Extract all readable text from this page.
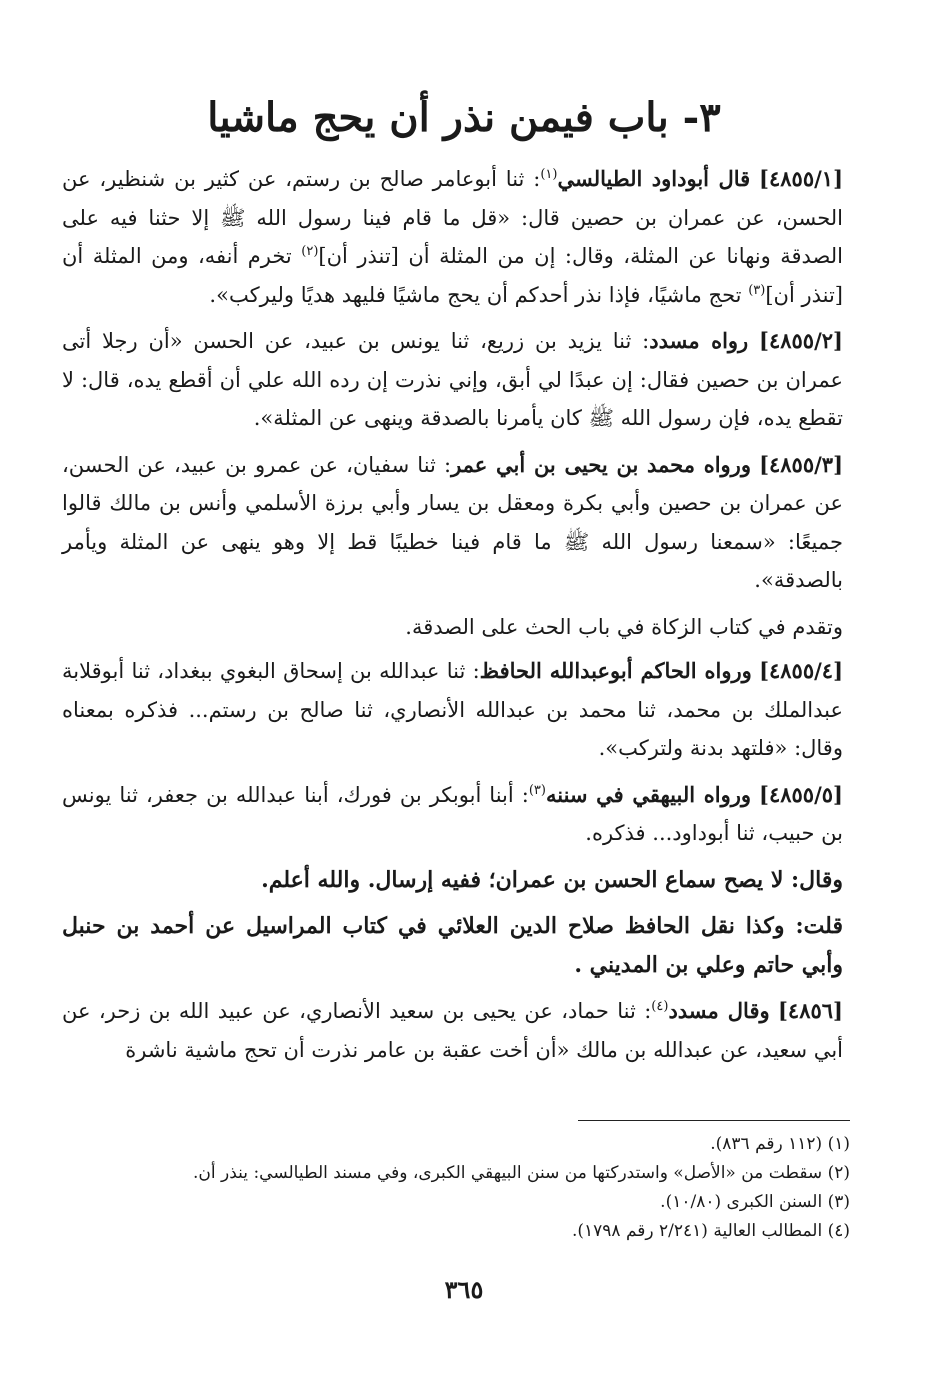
٣- باب فيمن نذر أن يحج ماشيا

[٤٨٥٥/١] قال أبوداود الطيالسي$^{(١)}$: ثنا أبوعامر صالح بن رستم، عن كثير بن شنظير، عن الحسن، عن عمران بن حصين قال: «قل ما قام فينا رسول الله ﷺ إلا حثنا فيه على الصدقة ونهانا عن المثلة، وقال: إن من المثلة أن [تنذر أن]$^{(٢)}$ تخرم أنفه، ومن المثلة أن [تنذر أن]$^{(٣)}$ تحج ماشيًا، فإذا نذر أحدكم أن يحج ماشيًا فليهد هديًا وليركب».

[٤٨٥٥/٢] رواه مسدد: ثنا يزيد بن زريع، ثنا يونس بن عبيد، عن الحسن «أن رجلا أتى عمران بن حصين فقال: إن عبدًا لي أبق، وإني نذرت إن رده الله علي أن أقطع يده، قال: لا تقطع يده، فإن رسول الله ﷺ كان يأمرنا بالصدقة وينهى عن المثلة».

[٤٨٥٥/٣] ورواه محمد بن يحيى بن أبي عمر: ثنا سفيان، عن عمرو بن عبيد، عن الحسن، عن عمران بن حصين وأبي بكرة ومعقل بن يسار وأبي برزة الأسلمي وأنس بن مالك قالوا جميعًا: «سمعنا رسول الله ﷺ ما قام فينا خطيبًا قط إلا وهو ينهى عن المثلة ويأمر بالصدقة».

وتقدم في كتاب الزكاة في باب الحث على الصدقة.

[٤٨٥٥/٤] ورواه الحاكم أبوعبدالله الحافظ: ثنا عبدالله بن إسحاق البغوي ببغداد، ثنا أبوقلابة عبدالملك بن محمد، ثنا محمد بن عبدالله الأنصاري، ثنا صالح بن رستم... فذكره بمعناه وقال: «فلتهد بدنة ولتركب».

[٤٨٥٥/٥] ورواه البيهقي في سننه$^{(٣)}$: أبنا أبوبكر بن فورك، أبنا عبدالله بن جعفر، ثنا يونس بن حبيب، ثنا أبوداود... فذكره.

وقال: لا يصح سماع الحسن بن عمران؛ ففيه إرسال. والله أعلم.

قلت: وكذا نقل الحافظ صلاح الدين العلائي في كتاب المراسيل عن أحمد بن حنبل وأبي حاتم وعلي بن المديني .

[٤٨٥٦] وقال مسدد$^{(٤)}$: ثنا حماد، عن يحيى بن سعيد الأنصاري، عن عبيد الله بن زحر، عن أبي سعيد، عن عبدالله بن مالك «أن أخت عقبة بن عامر نذرت أن تحج ماشية ناشرة

(١) (١١٢ رقم ٨٣٦).

(٢) سقطت من «الأصل» واستدركتها من سنن البيهقي الكبرى، وفي مسند الطيالسي: ينذر أن.

(٣) السنن الكبرى (١٠/٨٠).

(٤) المطالب العالية (٢/٢٤١ رقم ١٧٩٨).

٣٦٥
